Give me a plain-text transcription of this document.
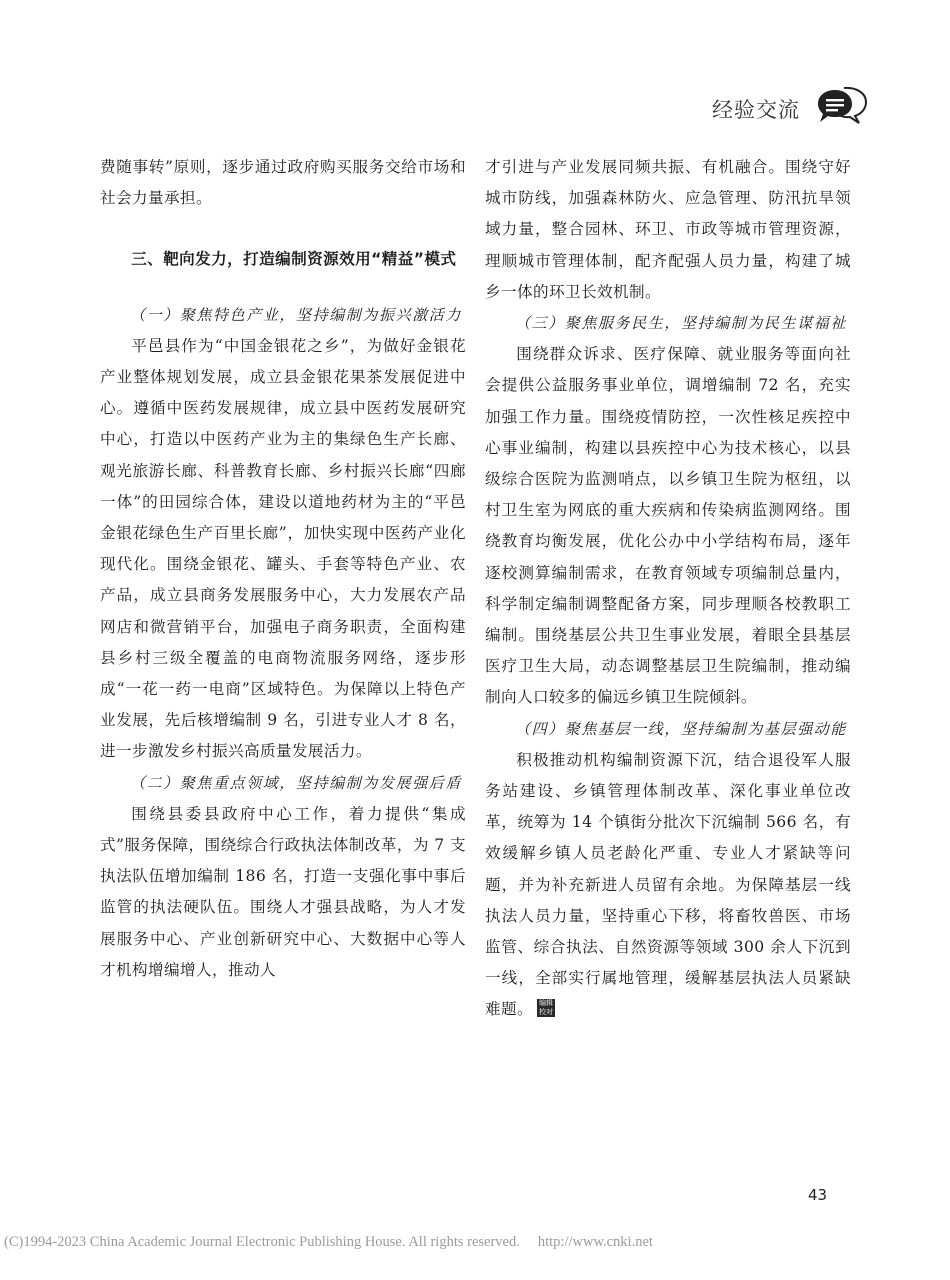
经验交流

费随事转”原则，逐步通过政府购买服务交给市场和社会力量承担。

三、靶向发力，打造编制资源效用“精益”模式

（一）聚焦特色产业，坚持编制为振兴激活力

平邑县作为“中国金银花之乡”，为做好金银花产业整体规划发展，成立县金银花果茶发展促进中心。遵循中医药发展规律，成立县中医药发展研究中心，打造以中医药产业为主的集绿色生产长廊、观光旅游长廊、科普教育长廊、乡村振兴长廊“四廊一体”的田园综合体，建设以道地药材为主的“平邑金银花绿色生产百里长廊”，加快实现中医药产业化现代化。围绕金银花、罐头、手套等特色产业、农产品，成立县商务发展服务中心，大力发展农产品网店和微营销平台，加强电子商务职责，全面构建县乡村三级全覆盖的电商物流服务网络，逐步形成“一花一药一电商”区域特色。为保障以上特色产业发展，先后核增编制 9 名，引进专业人才 8 名，进一步激发乡村振兴高质量发展活力。

（二）聚焦重点领域，坚持编制为发展强后盾

围绕县委县政府中心工作，着力提供“集成式”服务保障，围绕综合行政执法体制改革，为 7 支执法队伍增加编制 186 名，打造一支强化事中事后监管的执法硬队伍。围绕人才强县战略，为人才发展服务中心、产业创新研究中心、大数据中心等人才机构增编增人，推动人

才引进与产业发展同频共振、有机融合。围绕守好城市防线，加强森林防火、应急管理、防汛抗旱领域力量，整合园林、环卫、市政等城市管理资源，理顺城市管理体制，配齐配强人员力量，构建了城乡一体的环卫长效机制。

（三）聚焦服务民生，坚持编制为民生谋福祉

围绕群众诉求、医疗保障、就业服务等面向社会提供公益服务事业单位，调增编制 72 名，充实加强工作力量。围绕疫情防控，一次性核足疾控中心事业编制，构建以县疾控中心为技术核心，以县级综合医院为监测哨点，以乡镇卫生院为枢纽，以村卫生室为网底的重大疾病和传染病监测网络。围绕教育均衡发展，优化公办中小学结构布局，逐年逐校测算编制需求，在教育领域专项编制总量内，科学制定编制调整配备方案，同步理顺各校教职工编制。围绕基层公共卫生事业发展，着眼全县基层医疗卫生大局，动态调整基层卫生院编制，推动编制向人口较多的偏远乡镇卫生院倾斜。

（四）聚焦基层一线，坚持编制为基层强动能

积极推动机构编制资源下沉，结合退役军人服务站建设、乡镇管理体制改革、深化事业单位改革，统筹为 14 个镇街分批次下沉编制 566 名，有效缓解乡镇人员老龄化严重、专业人才紧缺等问题，并为补充新进人员留有余地。为保障基层一线执法人员力量，坚持重心下移，将畜牧兽医、市场监管、综合执法、自然资源等领域 300 余人下沉到一线，全部实行属地管理，缓解基层执法人员紧缺难题。 编辑校对

43
(C)1994-2023 China Academic Journal Electronic Publishing House. All rights reserved. http://www.cnki.net
